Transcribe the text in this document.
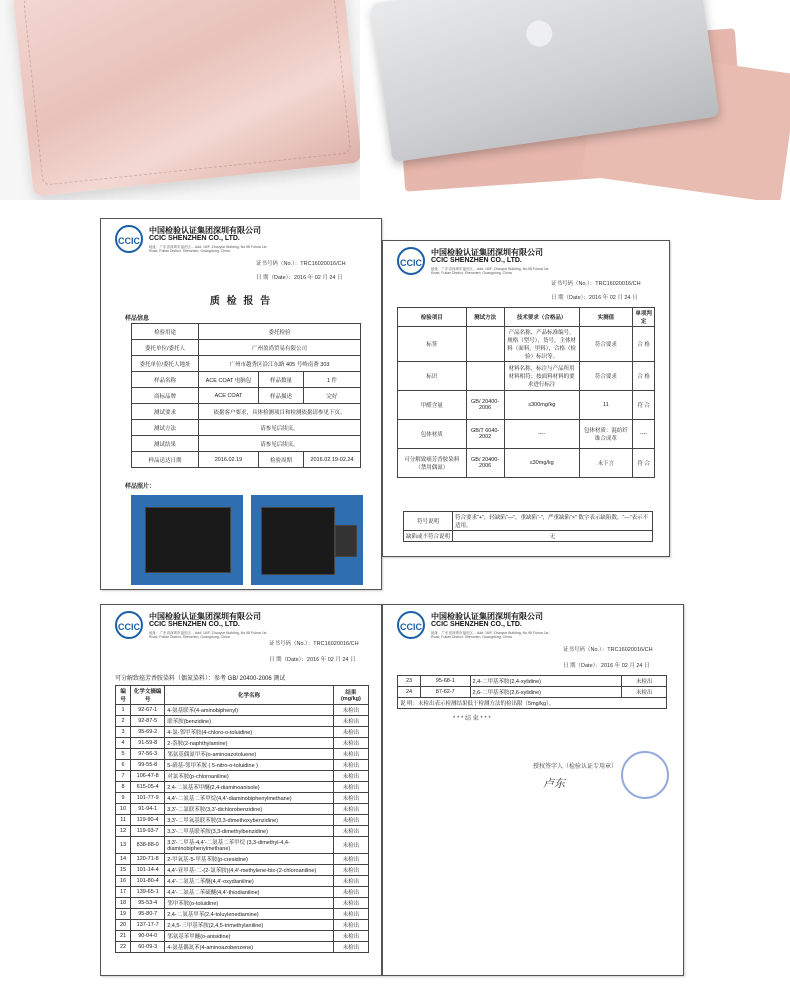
CCIC
中国检验认证集团深圳有限公司
CCIC SHENZHEN CO., LTD.
地址：广东省深圳市福田区... Add: 16/F, Zhuoyue Building, No.98 Fuhua 1st Road, Futian District, Shenzhen, Guangdong, China
证书号码（No.）：TRC16020016/CH
日 期（Date）：2016 年 02 月 24 日
质 检 报 告
样品信息
检验用途	委托检验		
委托单位/委托人	广州盈尚贸易有限公司		
委托单位/委托人地址	广州市越秀区沿江东路 405 号岭南薈 303		
样品名称	ACE COAT 电脑包	样品数量	1 件
商标品牌	ACE COAT	样品描述	完好
测试要求	依据客户要求，具体检测项目和检测依据请参见下页。		
测试方法	请参见后续页。		
测试结果	请参见后续页。		
样品送达日期	2016.02.19	检验周期	2016.02.19-02.24
样品照片：
CCIC
中国检验认证集团深圳有限公司
CCIC SHENZHEN CO., LTD.
地址：广东省深圳市福田区... Add: 16/F, Zhuoyue Building, No.98 Fuhua 1st Road, Futian District, Shenzhen, Guangdong, China
证书号码（No.）：TRC16020016/CH
日 期（Date）：2016 年 02 月 24 日
检验项目	测试方法	技术要求（合格品）	实测值	单项判定
标签		产品名称，产品标准编号，规格（型号），货号，主体材料（面料，里料），合格（检验）标识等。	符合要求	合 格
标识		材料名称，标注与产品所用材料相符；按面料材料的要求进行标注	符合要求	合 格
甲醛含量	GB/ 20400-2006	≤300mg/kg	11	符 合
包体材质	GB/T 6040-2002	----	包体材质：混纺纤维合成革	----
可分解致癌芳香胺染料（禁用偶氮）	GB/ 20400-2006	≤30mg/kg	未下言	符 合
符号说明	符合要求“+”，轻缺陷“—”，重缺陷“-”，严重缺陷“×” 数字表示缺陷数，“---”表示不适用。
缺陷或不符合说明	无
CCIC
中国检验认证集团深圳有限公司
CCIC SHENZHEN CO., LTD.
地址：广东省深圳市福田区... Add: 16/F, Zhuoyue Building, No.98 Fuhua 1st Road, Futian District, Shenzhen, Guangdong, China
证书号码（No.）：TRC16020016/CH
日 期（Date）：2016 年 02 月 24 日
可分解致癌芳香胺染料（偶氮染料）：参考 GB/ 20400-2006 测试
编号	化学文摘编号	化学名称	结果 (mg/kg)
1	92-67-1	4-氨基联苯(4-aminobiphenyl)	未检出
2	92-87-5	联苯胺(benzidine)	未检出
3	95-69-2	4-氯-邻甲苯胺(4-chloro-o-toluidine)	未检出
4	91-59-8	2-萘胺(2-naphthylamine)	未检出
5	97-56-3	邻氨基偶氮甲苯(o-aminoazotoluene)	未检出
6	99-55-8	5-硝基-邻甲苯胺 ( 5-nitro-o-toluidine )	未检出
7	106-47-8	对氯苯胺(p-chloroaniline)	未检出
8	615-05-4	2,4-二氨基苯甲醚(2,4-diaminoanisole)	未检出
9	101-77-9	4,4'-二氨基二苯甲烷(4,4'-diaminobiphenylmethane)	未检出
10	91-94-1	3,3'-二氯联苯胺(3,3'-dichlorobenzidine)	未检出
11	119-90-4	3,3'-二甲氧基联苯胺(3,3-dimethoxybenzidine)	未检出
12	119-93-7	3,3'-二甲基联苯胺(3,3-dimethylbenzidine)	未检出
13	838-88-0	3,3'-二甲基-4,4'-二氨基二苯甲烷 (3,3-dimethyl-4,4-diaminobiphenylmethane)	未检出
14	120-71-8	2-甲氧基-5-甲基苯胺(p-cresidine)	未检出
15	101-14-4	4,4'-亚甲基-二-(2-氯苯胺)(4,4'-methylene-bis-(2-chloroaniline)	未检出
16	101-80-4	4,4'-二氨基二苯醚(4,4'-oxydianiline)	未检出
17	139-65-1	4,4'-二氨基二苯硫醚(4,4'-thiodianiline)	未检出
18	95-53-4	邻甲苯胺(o-toluidine)	未检出
19	95-80-7	2,4-二氨基甲苯(2,4-toluylenediamine)	未检出
20	137-17-7	2,4,5-三甲基苯胺(2,4,5-trimethylaniline)	未检出
21	90-04-0	邻氨基苯甲醚(o-anisidine)	未检出
22	60-09-3	4-氨基偶氮苯(4-aminoazobenzene)	未检出
CCIC
中国检验认证集团深圳有限公司
CCIC SHENZHEN CO., LTD.
地址：广东省深圳市福田区... Add: 16/F, Zhuoyue Building, No.98 Fuhua 1st Road, Futian District, Shenzhen, Guangdong, China
证书号码（No.）：TRC16020016/CH
日 期（Date）：2016 年 02 月 24 日
23	95-68-1	2,4-二甲基苯胺(2,4-xylidine)	未检出
24	87-62-7	2,6-二甲基苯胺(2,6-xylidine)	未检出
说 明：未检出表示检测结果低于检测方法的检出限（5mg/kg）。			
* * * 结 束 * * *
授权签字人（检验认证专用章）
卢东
